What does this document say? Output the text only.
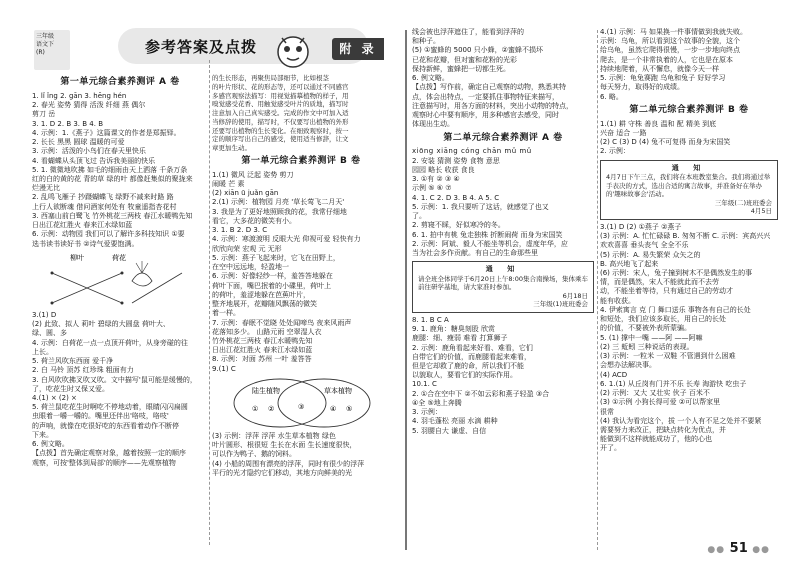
三年级
语文下
(R)	参考答案及点拨	附 录
第一单元综合素养测评 A 卷
1. lǐ ǐng 2. gān 3. hēng hén
2. 春光 姿势 猜得 活泼 纤细 燕 偶尔
剪刀 岳
3. 1. D 2. B 3. B 4. B
4. 示例：1.《燕子》这篇课文的作者是郑振铎。
2. 长长 黑黑 圆球 温暖的可爱
3. 示例：活泼的小鸟们在春天里快乐
4. 看蝴蝶从头顶飞过 告诉我美丽的快乐
5. 1. 微微地吹拂 如毛的细雨由天上洒落 千条万条
红的白的黄的花 青的草 绿的叶 都像赶集似的聚拢来
烂漫无比
2. 乱鸣飞雁子 抄蹑蝴蝶飞 绿野不减来时路 路
上行人欲断魂 借问酒家何处有 牧童遥指杏花村
3. 西塞山前白鹭飞 竹外桃花三两枝 春江水暖鸭先知
日出江花红胜火 春来江水绿如蓝
6. 示例：动物园 我们可以了解许多科技知识 ①要
选书读书读好书 ②诗气爱要饱满。
柳叶	荷花
3.(1) D
(2) 此致、拟人 莉叶 碧绿的大圆盘 荷叶大、
绿、圆、多
4. 示例：白荷花一点一点顶开荷叶，从身旁碰的往
上长。
5. 荷兰风吹东西面 爱千净
2. 白 马铃 顶苏 红珍珠 粗面有力
3. 白风吹吹拂叉吹又吹。文中描写'鼠可能是缓慢的，
了，吃花生时又保又爱。
4.(1) × (2) ×
5. 荷兰鼠吃花生时啊吃不停地动着，眼睛闪闪扁圆
虫眼着一嚼一嚼的。嘴里还伴出'咯吱，咯吱'
的声响，就像在吃很好吃的东西看着动作不断停
下来。
6. 例文略。
【点拨】首先确定观察对象，越着按照一定的顺序
观察，可按'整体到局部'的顺序——先观察植物
的生长形态，再聚焦局部细节，比如根茎
的叶片形状、花的形态等，还可以通过不同感官
多感官观察法描写：用视觉描摹植物的样子，用
嗅觉感受花香、用触觉感受叶片的质地，描写时
注意加入自己真实感受。完成的作文中可加入适
当修辞的使用，描写时，不仅要写出植物的外形
还要写出植物的生长变化。在细致观察时，按一
定的顺序写出自己的感受，使用适当修辞，让文
章更加生动。
第一单元综合素养测评 B 卷
1.(1) 微风 泛起 姿势 剪刀
闹暖 芒 素
(2) xiān ū juǎn gān
2.(1) 示例：植物园 月亮 '草长莺飞二月天'
3. 我是为了更好地照顾我的花，我常仔细地
看它，大多花的微笑有小。
3. 1. B 2. D 3. C
4. 示例：寒渡渡明 反眼大光 仰视可爱 轻快有力
欣欣向荣 宏观 元 无形
5. 示例：燕子飞起来时，它飞在田野上，
在空中远远地，轻盈地一
6. 示例：好像轻纱一样，羞答答地躲在
荷叶下面，嘴巴抿着的小碟里，荷叶上
的荷叶，羞涩地躲在芭蕉叶片，
整齐地展开，花瓣随风飘荡的微笑
着一样。
7. 示例：春眠不觉晓 处处闻啼鸟 夜来风雨声
花落知多少。 山路元雨 空翠湿人衣
竹外桃花三两枝 春江水暖鸭先知
日出江花红胜火 春来江水绿如蓝
8. 示例：对面 苏州 一叶 羞答答
9.(1) C
陆生植物	草本植物
① ②	③	④ ⑤
(3) 示例：浮萍 浮萍 水生草本植物 绿色
叶片圆形、根很短 生长在水面 生长速度很快，
可以作为鸭子、鹅的饲料。
(4) 小船的周围有漂亮的浮萍，同时有很少的浮萍
平行的光才隐约它们移动，其地方向鲜美的光
线会被也浮萍遮住了，能看到浮萍的
和种子。
(5) ①蜜蜂的 5000 只小蜂，②蜜蜂不损坏
已花和花瓣，但对蜜和花粉的光彩
保持新鲜，蜜蜂把一切都生死。
6. 例文略。
【点拨】写作前，确定自己观察的动物，熟悉其特
点，体会出特点，一定要抓住事物特征来描写，
注意描写时，用各方面的材料，突出小动物的特点，
观察时心中要有顺序，用多种感官去感受，同时
体现出生动。
第二单元综合素养测评 A 卷
xiōng xiāng cóng chān mǔ mǔ
2. 安装 猜测 姿势 食物 意思
园园 略长 收获 食良
3. ①有 ② ③ ④
示例 ⑤ ⑥ ⑦
4. 1. C 2. D 3. B 4. A 5. C
5. 示例：1. 我只要听了这话，就感觉了也又
了。
2. 剪寝不睬，好似寒冷的冬。
6. 1. 拍中有桃 兔走独株 折断闹荷 而身为宋国笑
2. 示例：阿斌、毅人不能坐等机会，虚度年华，应
当为社会多作贡献。有自己的生命那些里
通 知
请全班全体同学于6月20日上午8:00集合南操场，集体乘车前往研学基地，请大家准时参加。
6月18日
三年级(1)班班委会
8. 1. B C A
9. 1. 鹿角：糖臭刻股 欣赏
鹿腿：细、瘦弱 难看 打算狮子
2. 示例：鹿角看起来好看、难看，它们
自带它们的价值，而鹿腿看起来难看，
但是它却救了鹿的命，所以我们不能
以貌取人，要看它们的实际作用。
10.1. C
2. ①合在空中下 ②不如云彩和燕子轻盈 ③合
④全 ⑤地上奔腾
3. 示例：
4. 羽毛蓬松 亮丽 水滴 耕种
5. 羽腰自大 谦虚、自信
4.(1) 示例：马 如果换一件事情做到我就失败。
示例：乌龟，所以看到这个故事的全貌，这个
给乌龟，虽然它爬得很慢，一步一步地向终点
爬去，是一个非常执着的人，它也是在原本
持续地爬着，从不懈怠，就像今天一样
5. 示例：龟兔赛跑 乌龟和兔子 好好学习
每天努力，取得好的成绩。
6. 略。
第二单元综合素养测评 B 卷
1.(1) 耕 守株 善良 温和 配 精美 到底
兴奋 适合 一路
(2) C (3) D (4) 兔不可复得 而身为宋国笑
2. 示例：
通 知
4月7日下午三点，我们将在本班教室集合。我们将通过举手表决的方式，选出合适的寓言故事，并准备好在举办的'趣味故事会'活动。
三年级(二)班班委会
4月5日
3.(1) D (2) ①燕子 ②燕子
(3) 示例：A. 忙忙碌碌 B. 匆匆不断 C. 示例：宾高兴兴
欢欢喜喜 垂头丧气 全全不乐
(5) 示例：A. 易失繁荣 众矢之的
B. 高兴地飞了起来
(6) 示例：宋人，兔子撞到树木不是偶然发生的事
情，而是偶然，宋人不能就此而不去劳
动，不能坐着等待，只有通过自己的劳动才
能有收获。
4. 伊索寓言 克 门 舞口送乐 事物各有自己的长处
和短处，我们应该多取长，用自己的长处
的价值，不要被外表所蒙骗。
5. (1) 撑中一嘴 ——阿 ——阿嘛
(2) 三 蚯蚓 三种说话的表现。
(3) 示例：一粒米 一双鞋 不管遇到什么困难
会想办法解决事。
(4) ACD
6. 1.(1) 从丘岗有门并不乐 长寿 淘游快 吃虫子
(2) 示例：又大 又壮实 伙子 百米不
(3) ①示例 小狗长得可爱 ②可以帮家里
很常
(4) 我认为看完这个，拔 一个人有不足之处并不要紧
需要努力来改正，把缺点转化为优点，并
能做到不这样就能成功了，他的心也
开了。
●● 51 ●●
